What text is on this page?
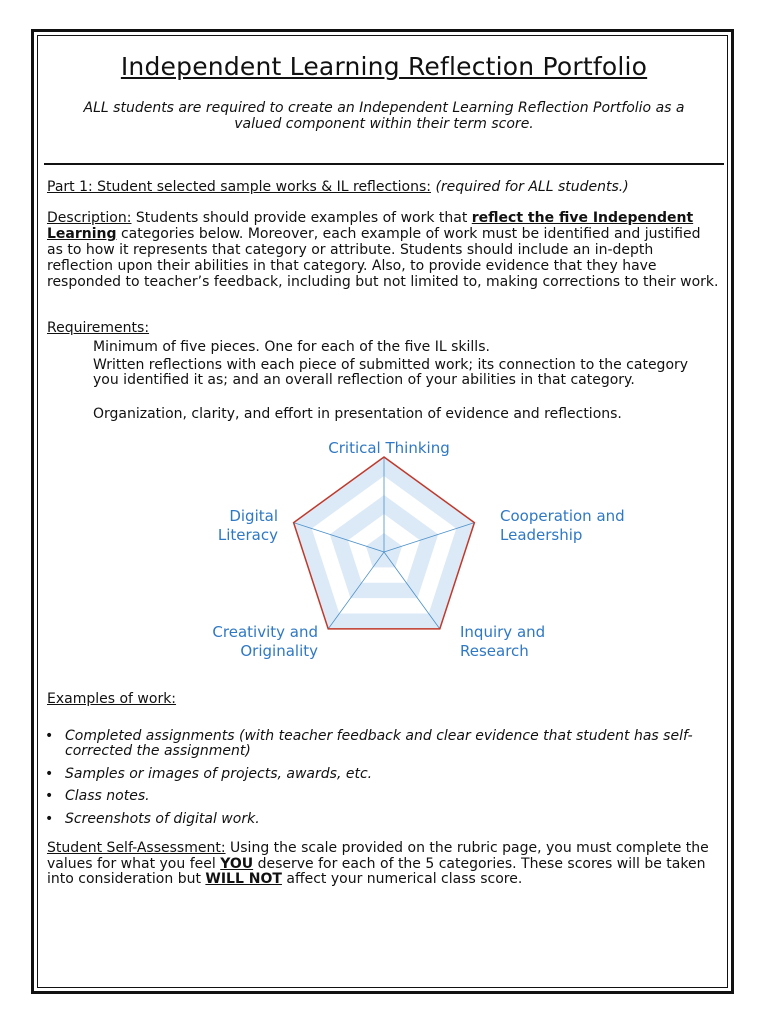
Independent Learning Reflection Portfolio
ALL students are required to create an Independent Learning Reflection Portfolio as a valued component within their term score.
Part 1: Student selected sample works & IL reflections: (required for ALL students.)
Description: Students should provide examples of work that reflect the five Independent Learning categories below. Moreover, each example of work must be identified and justified as to how it represents that category or attribute. Students should include an in-depth reflection upon their abilities in that category. Also, to provide evidence that they have responded to teacher’s feedback, including but not limited to, making corrections to their work.
Requirements:
Minimum of five pieces. One for each of the five IL skills.
Written reflections with each piece of submitted work; its connection to the category you identified it as; and an overall reflection of your abilities in that category.
Organization, clarity, and effort in presentation of evidence and reflections.
Critical Thinking
Cooperation and Leadership
Inquiry and Research
Creativity and Originality
Digital Literacy
Examples of work:
• Completed assignments (with teacher feedback and clear evidence that student has self-corrected the assignment)
• Samples or images of projects, awards, etc.
• Class notes.
• Screenshots of digital work.
Student Self-Assessment: Using the scale provided on the rubric page, you must complete the values for what you feel YOU deserve for each of the 5 categories. These scores will be taken into consideration but WILL NOT affect your numerical class score.
